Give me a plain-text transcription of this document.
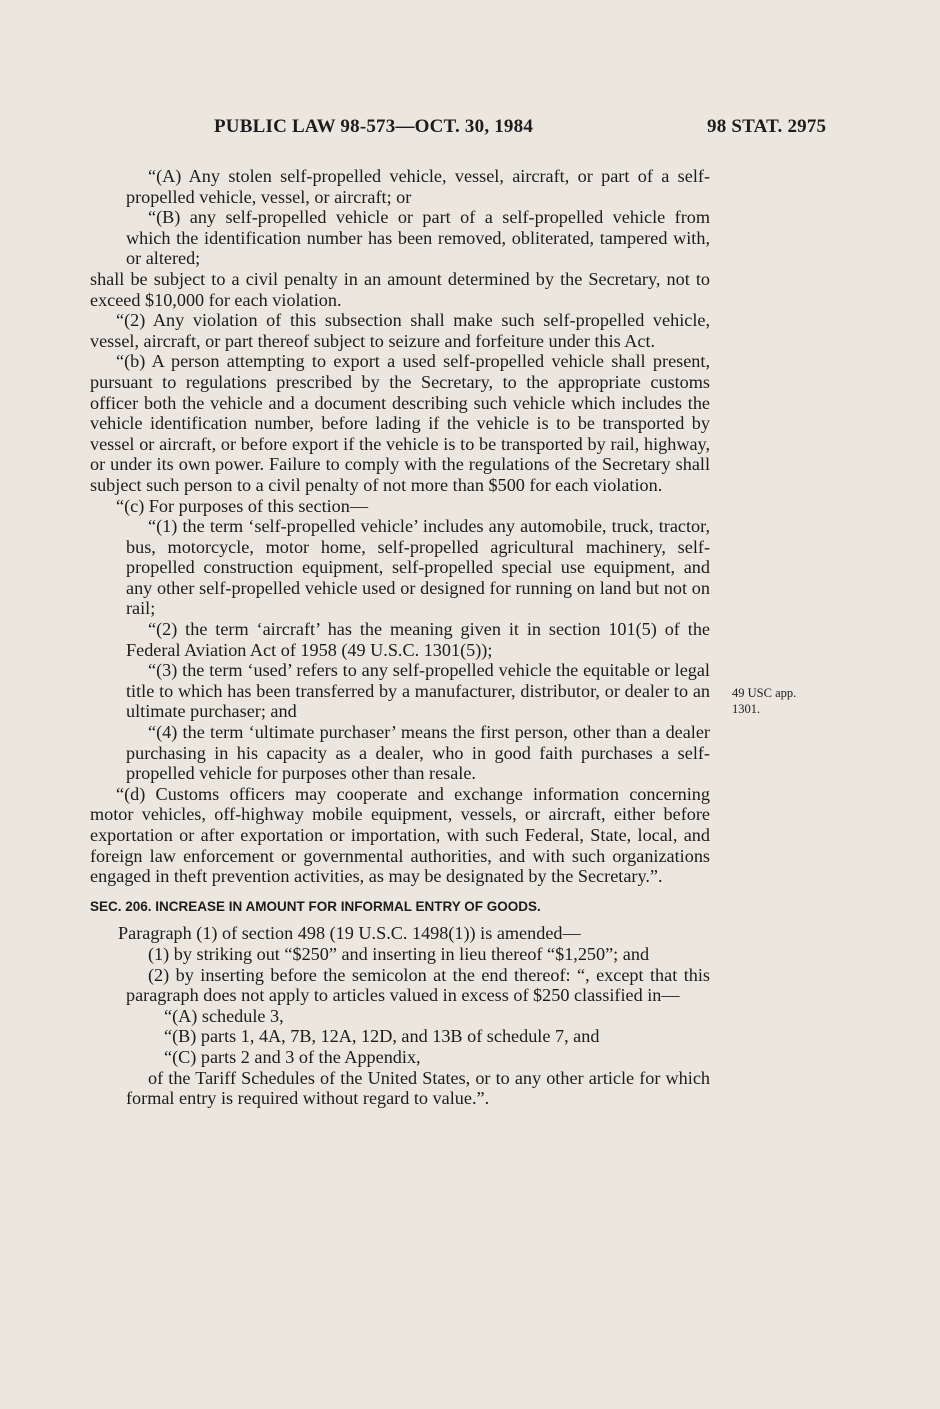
PUBLIC LAW 98-573—OCT. 30, 1984	98 STAT. 2975
49 USC app.
1301.

“(A) Any stolen self-propelled vehicle, vessel, aircraft, or part of a self-propelled vehicle, vessel, or aircraft; or

“(B) any self-propelled vehicle or part of a self-propelled vehicle from which the identification number has been removed, obliterated, tampered with, or altered;

shall be subject to a civil penalty in an amount determined by the Secretary, not to exceed $10,000 for each violation.

“(2) Any violation of this subsection shall make such self-propelled vehicle, vessel, aircraft, or part thereof subject to seizure and forfeiture under this Act.

“(b) A person attempting to export a used self-propelled vehicle shall present, pursuant to regulations prescribed by the Secretary, to the appropriate customs officer both the vehicle and a document describing such vehicle which includes the vehicle identification number, before lading if the vehicle is to be transported by vessel or aircraft, or before export if the vehicle is to be transported by rail, highway, or under its own power. Failure to comply with the regulations of the Secretary shall subject such person to a civil penalty of not more than $500 for each violation.

“(c) For purposes of this section—

“(1) the term ‘self-propelled vehicle’ includes any automobile, truck, tractor, bus, motorcycle, motor home, self-propelled agricultural machinery, self-propelled construction equipment, self-propelled special use equipment, and any other self-propelled vehicle used or designed for running on land but not on rail;

“(2) the term ‘aircraft’ has the meaning given it in section 101(5) of the Federal Aviation Act of 1958 (49 U.S.C. 1301(5));

“(3) the term ‘used’ refers to any self-propelled vehicle the equitable or legal title to which has been transferred by a manufacturer, distributor, or dealer to an ultimate purchaser; and

“(4) the term ‘ultimate purchaser’ means the first person, other than a dealer purchasing in his capacity as a dealer, who in good faith purchases a self-propelled vehicle for purposes other than resale.

“(d) Customs officers may cooperate and exchange information concerning motor vehicles, off-highway mobile equipment, vessels, or aircraft, either before exportation or after exportation or importation, with such Federal, State, local, and foreign law enforcement or governmental authorities, and with such organizations engaged in theft prevention activities, as may be designated by the Secretary.”.

SEC. 206. INCREASE IN AMOUNT FOR INFORMAL ENTRY OF GOODS.

Paragraph (1) of section 498 (19 U.S.C. 1498(1)) is amended—

(1) by striking out “$250” and inserting in lieu thereof “$1,250”; and

(2) by inserting before the semicolon at the end thereof: “, except that this paragraph does not apply to articles valued in excess of $250 classified in—

“(A) schedule 3,

“(B) parts 1, 4A, 7B, 12A, 12D, and 13B of schedule 7, and

“(C) parts 2 and 3 of the Appendix,

of the Tariff Schedules of the United States, or to any other article for which formal entry is required without regard to value.”.
